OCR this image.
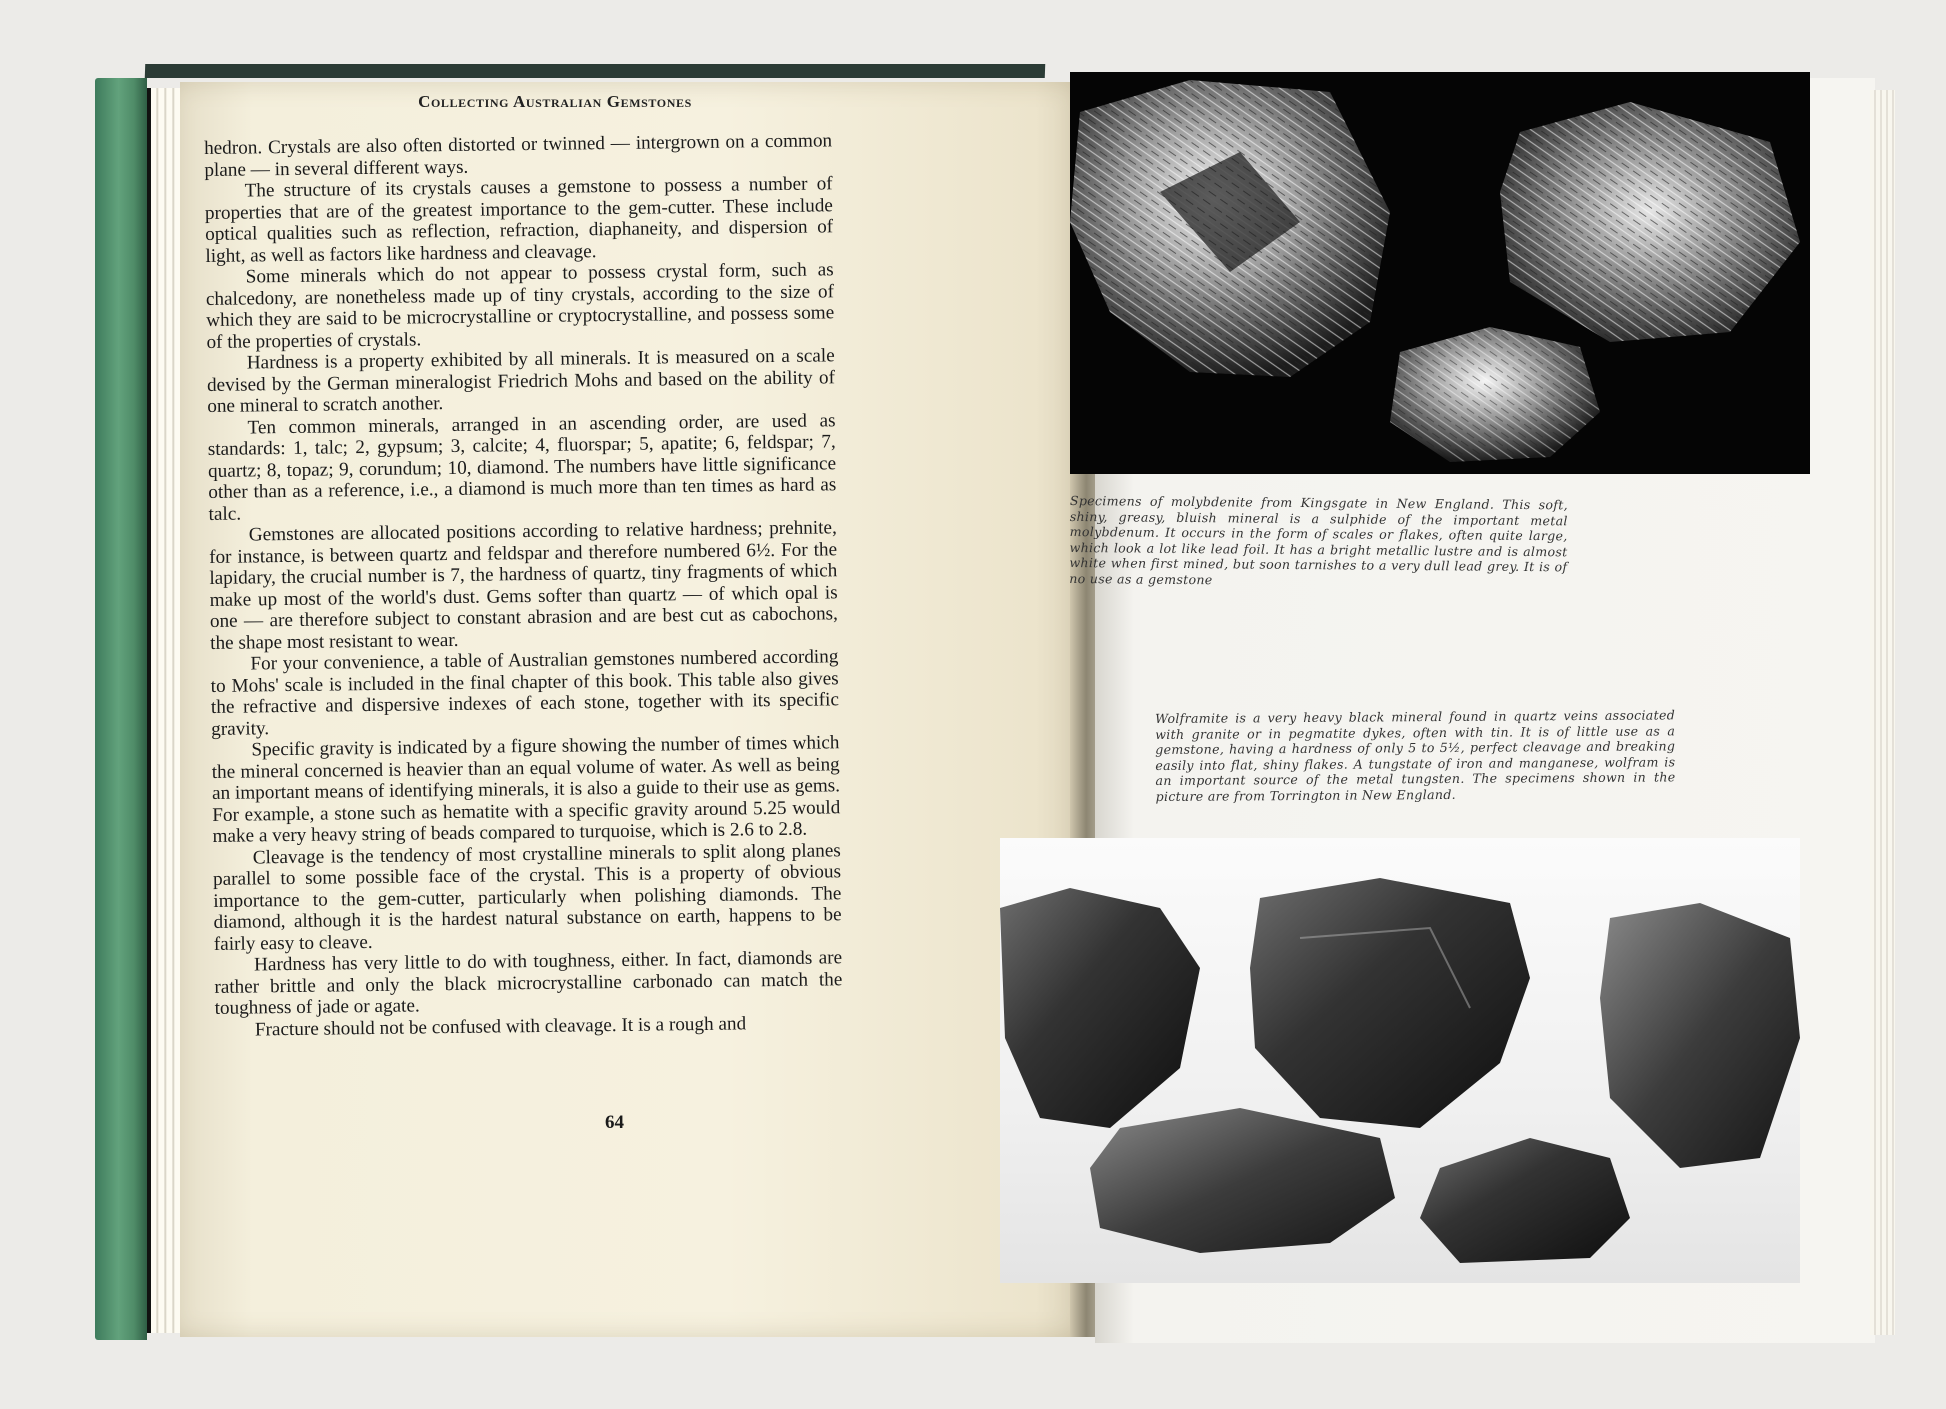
Collecting Australian Gemstones

hedron. Crystals are also often distorted or twinned — intergrown on a common plane — in several different ways.

The structure of its crystals causes a gemstone to possess a number of properties that are of the greatest importance to the gem-cutter. These include optical qualities such as reflection, refraction, diaphaneity, and dispersion of light, as well as factors like hardness and cleavage.

Some minerals which do not appear to possess crystal form, such as chalcedony, are nonetheless made up of tiny crystals, according to the size of which they are said to be microcrystalline or cryptocrystalline, and possess some of the properties of crystals.

Hardness is a property exhibited by all minerals. It is measured on a scale devised by the German mineralogist Friedrich Mohs and based on the ability of one mineral to scratch another.

Ten common minerals, arranged in an ascending order, are used as standards: 1, talc; 2, gypsum; 3, calcite; 4, fluorspar; 5, apatite; 6, feldspar; 7, quartz; 8, topaz; 9, corundum; 10, diamond. The numbers have little significance other than as a reference, i.e., a diamond is much more than ten times as hard as talc.

Gemstones are allocated positions according to relative hardness; prehnite, for instance, is between quartz and feldspar and therefore numbered 6½. For the lapidary, the crucial number is 7, the hardness of quartz, tiny fragments of which make up most of the world's dust. Gems softer than quartz — of which opal is one — are therefore subject to constant abrasion and are best cut as cabochons, the shape most resistant to wear.

For your convenience, a table of Australian gemstones numbered according to Mohs' scale is included in the final chapter of this book. This table also gives the refractive and dispersive indexes of each stone, together with its specific gravity.

Specific gravity is indicated by a figure showing the number of times which the mineral concerned is heavier than an equal volume of water. As well as being an important means of identifying minerals, it is also a guide to their use as gems. For example, a stone such as hematite with a specific gravity around 5.25 would make a very heavy string of beads compared to turquoise, which is 2.6 to 2.8.

Cleavage is the tendency of most crystalline minerals to split along planes parallel to some possible face of the crystal. This is a property of obvious importance to the gem-cutter, particularly when polishing diamonds. The diamond, although it is the hardest natural substance on earth, happens to be fairly easy to cleave.

Hardness has very little to do with toughness, either. In fact, diamonds are rather brittle and only the black microcrystalline carbonado can match the toughness of jade or agate.

Fracture should not be confused with cleavage. It is a rough and

64
Specimens of molybdenite from Kingsgate in New England. This soft, shiny, greasy, bluish mineral is a sulphide of the important metal molybdenum. It occurs in the form of scales or flakes, often quite large, which look a lot like lead foil. It has a bright metallic lustre and is almost white when first mined, but soon tarnishes to a very dull lead grey. It is of no use as a gemstone
Wolframite is a very heavy black mineral found in quartz veins associated with granite or in pegmatite dykes, often with tin. It is of little use as a gemstone, having a hardness of only 5 to 5½, perfect cleavage and breaking easily into flat, shiny flakes. A tungstate of iron and manganese, wolfram is an important source of the metal tungsten. The specimens shown in the picture are from Torrington in New England.
